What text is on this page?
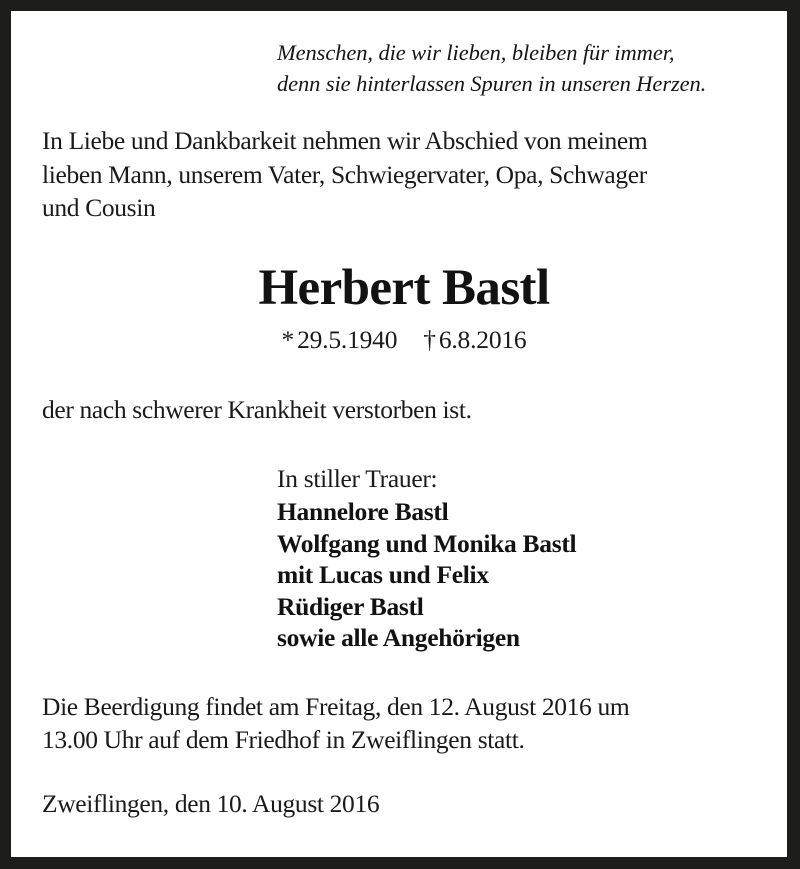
Menschen, die wir lieben, bleiben für immer,
denn sie hinterlassen Spuren in unseren Herzen.
In Liebe und Dankbarkeit nehmen wir Abschied von meinem
lieben Mann, unserem Vater, Schwiegervater, Opa, Schwager
und Cousin
Herbert Bastl
* 29.5.1940 † 6.8.2016
der nach schwerer Krankheit verstorben ist.
In stiller Trauer:
Hannelore Bastl
Wolfgang und Monika Bastl
mit Lucas und Felix
Rüdiger Bastl
sowie alle Angehörigen
Die Beerdigung findet am Freitag, den 12. August 2016 um
13.00 Uhr auf dem Friedhof in Zweiflingen statt.
Zweiflingen, den 10. August 2016
